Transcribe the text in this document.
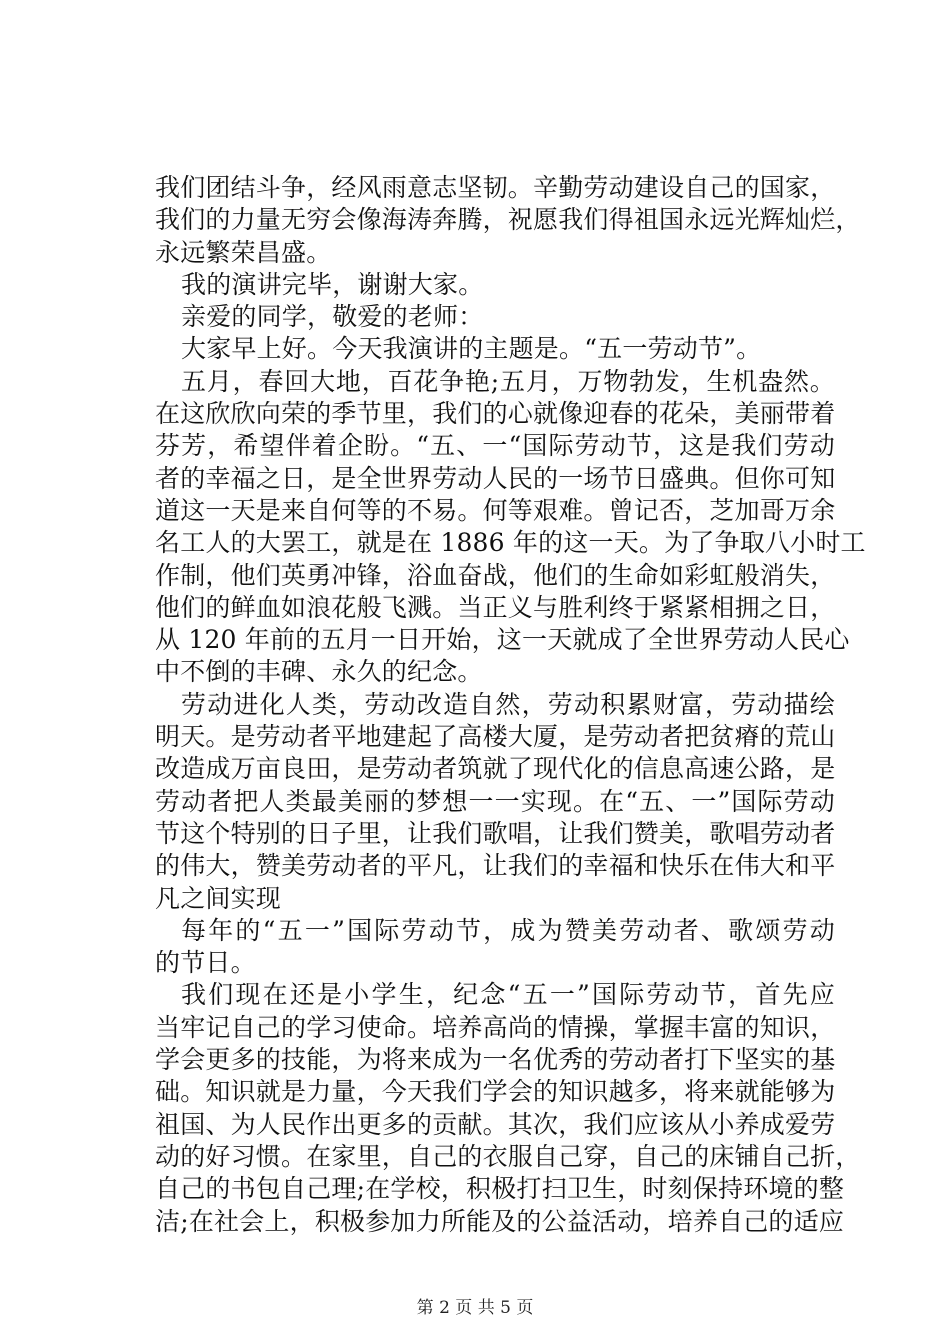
我们团结斗争，经风雨意志坚韧。辛勤劳动建设自己的国家，
我们的力量无穷会像海涛奔腾，祝愿我们得祖国永远光辉灿烂，
永远繁荣昌盛。
我的演讲完毕，谢谢大家。
亲爱的同学，敬爱的老师：
大家早上好。今天我演讲的主题是。“五一劳动节”。
五月，春回大地，百花争艳;五月，万物勃发，生机盎然。
在这欣欣向荣的季节里，我们的心就像迎春的花朵，美丽带着
芬芳，希望伴着企盼。“五、一“国际劳动节，这是我们劳动
者的幸福之日，是全世界劳动人民的一场节日盛典。但你可知
道这一天是来自何等的不易。何等艰难。曾记否，芝加哥万余
名工人的大罢工，就是在 1886 年的这一天。为了争取八小时工
作制，他们英勇冲锋，浴血奋战，他们的生命如彩虹般消失，
他们的鲜血如浪花般飞溅。当正义与胜利终于紧紧相拥之日，
从 120 年前的五月一日开始，这一天就成了全世界劳动人民心
中不倒的丰碑、永久的纪念。
劳动进化人类，劳动改造自然，劳动积累财富，劳动描绘
明天。是劳动者平地建起了高楼大厦，是劳动者把贫瘠的荒山
改造成万亩良田，是劳动者筑就了现代化的信息高速公路，是
劳动者把人类最美丽的梦想一一实现。在“五、一”国际劳动
节这个特别的日子里，让我们歌唱，让我们赞美，歌唱劳动者
的伟大，赞美劳动者的平凡，让我们的幸福和快乐在伟大和平
凡之间实现
每年的“五一”国际劳动节，成为赞美劳动者、歌颂劳动
的节日。
我们现在还是小学生，纪念“五一”国际劳动节，首先应
当牢记自己的学习使命。培养高尚的情操，掌握丰富的知识，
学会更多的技能，为将来成为一名优秀的劳动者打下坚实的基
础。知识就是力量，今天我们学会的知识越多，将来就能够为
祖国、为人民作出更多的贡献。其次，我们应该从小养成爱劳
动的好习惯。在家里，自己的衣服自己穿，自己的床铺自己折，
自己的书包自己理;在学校，积极打扫卫生，时刻保持环境的整
洁;在社会上，积极参加力所能及的公益活动，培养自己的适应
第 2 页 共 5 页
